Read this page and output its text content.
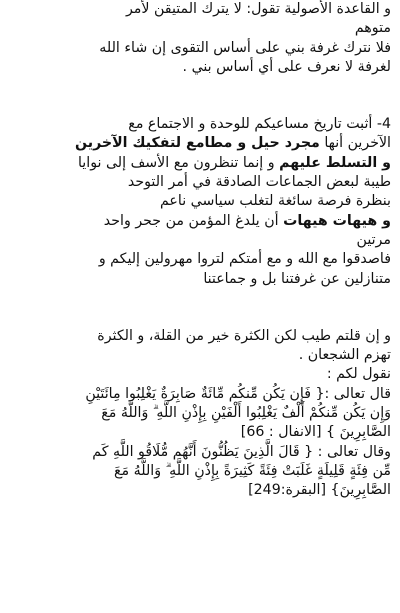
و القاعدة الأصولية تقول: لا يترك المتيقن لأمر
متوهم
فلا نترك غرفة بني على أساس التقوى إن شاء الله
لغرفة لا نعرف على أي أساس بني .
4- أثبت تاريخ مساعيكم للوحدة و الاجتماع مع
الآخرين أنها مجرد حيل و مطامع لتفكيك الآخرين
و التسلط عليهم و إنما تنظرون مع الأسف إلى نوايا
طيبة لبعض الجماعات الصادقة في أمر التوحد
بنظرة فرصة سائغة لتغلب سياسي ناعم
و هيهات هيهات أن يلدغ المؤمن من جحر واحد
مرتين
فاصدقوا مع الله و مع أمتكم لتروا مهرولين إليكم و
متنازلين عن غرفتنا بل و جماعتنا
و إن قلتم طيب لكن الكثرة خير من القلة، و الكثرة
تهزم الشجعان .
نقول لكم :
قال تعالى :{ فَإِن يَكُن مِّنكُم مِّائَةٌ صَابِرَةٌ يَغْلِبُوا مِائَتَيْنِ
وَإِن يَكُن مِّنكُمْ أَلْفٌ يَغْلِبُوا أَلْفَيْنِ بِإِذْنِ اللَّهِ ۗ وَاللَّهُ مَعَ
الصَّابِرِينَ } [الانفال : 66]
وقال تعالى : { قَالَ الَّذِينَ يَظُنُّونَ أَنَّهُم مُّلَاقُو اللَّهِ كَم
مِّن فِئَةٍ قَلِيلَةٍ غَلَبَتْ فِئَةً كَثِيرَةً بِإِذْنِ اللَّهِ ۗ وَاللَّهُ مَعَ
الصَّابِرِينَ} [البقرة:249]
